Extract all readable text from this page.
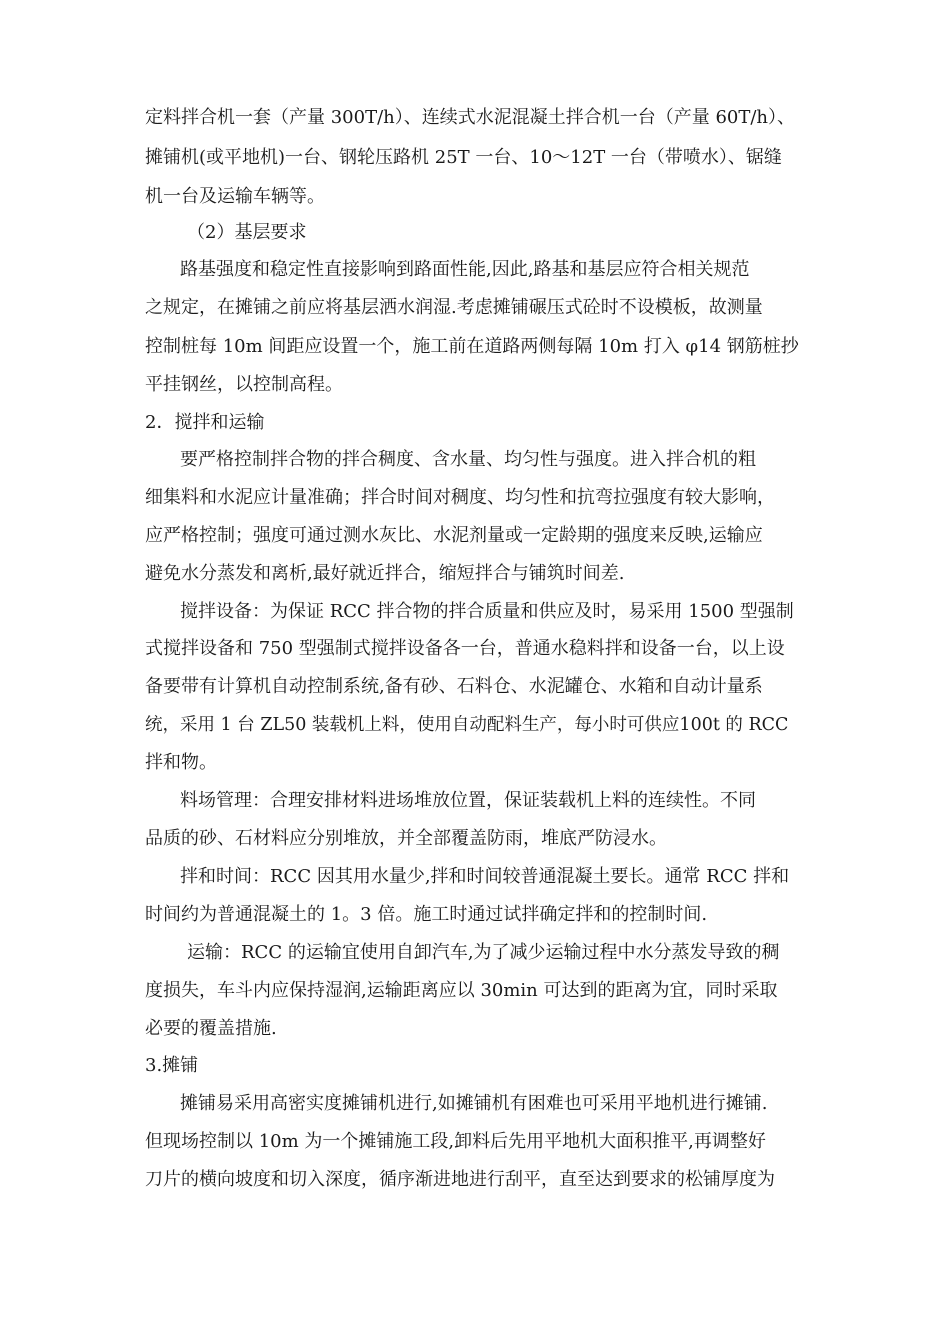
定料拌合机一套（产量 300T/h）、连续式水泥混凝土拌合机一台（产量 60T/h）、

摊铺机(或平地机)一台、钢轮压路机 25T 一台、10～12T 一台（带喷水）、锯缝

机一台及运输车辆等。

（2）基层要求

路基强度和稳定性直接影响到路面性能,因此,路基和基层应符合相关规范

之规定，在摊铺之前应将基层洒水润湿.考虑摊铺碾压式砼时不设模板，故测量

控制桩每 10m 间距应设置一个，施工前在道路两侧每隔 10m 打入 φ14 钢筋桩抄

平挂钢丝，以控制高程。

2．搅拌和运输

要严格控制拌合物的拌合稠度、含水量、均匀性与强度。进入拌合机的粗

细集料和水泥应计量准确；拌合时间对稠度、均匀性和抗弯拉强度有较大影响，

应严格控制；强度可通过测水灰比、水泥剂量或一定龄期的强度来反映,运输应

避免水分蒸发和离析,最好就近拌合，缩短拌合与铺筑时间差.

搅拌设备：为保证 RCC 拌合物的拌合质量和供应及时，易采用 1500 型强制

式搅拌设备和 750 型强制式搅拌设备各一台，普通水稳料拌和设备一台，以上设

备要带有计算机自动控制系统,备有砂、石料仓、水泥罐仓、水箱和自动计量系

统，采用 1 台 ZL50 装载机上料，使用自动配料生产，每小时可供应100t 的 RCC

拌和物。

料场管理：合理安排材料进场堆放位置，保证装载机上料的连续性。不同

品质的砂、石材料应分别堆放，并全部覆盖防雨，堆底严防浸水。

拌和时间：RCC 因其用水量少,拌和时间较普通混凝土要长。通常 RCC 拌和

时间约为普通混凝土的 1。3 倍。施工时通过试拌确定拌和的控制时间.

运输：RCC 的运输宜使用自卸汽车,为了减少运输过程中水分蒸发导致的稠

度损失，车斗内应保持湿润,运输距离应以 30min 可达到的距离为宜，同时采取

必要的覆盖措施.

3.摊铺

摊铺易采用高密实度摊铺机进行,如摊铺机有困难也可采用平地机进行摊铺.

但现场控制以 10m 为一个摊铺施工段,卸料后先用平地机大面积推平,再调整好

刀片的横向坡度和切入深度，循序渐进地进行刮平，直至达到要求的松铺厚度为
